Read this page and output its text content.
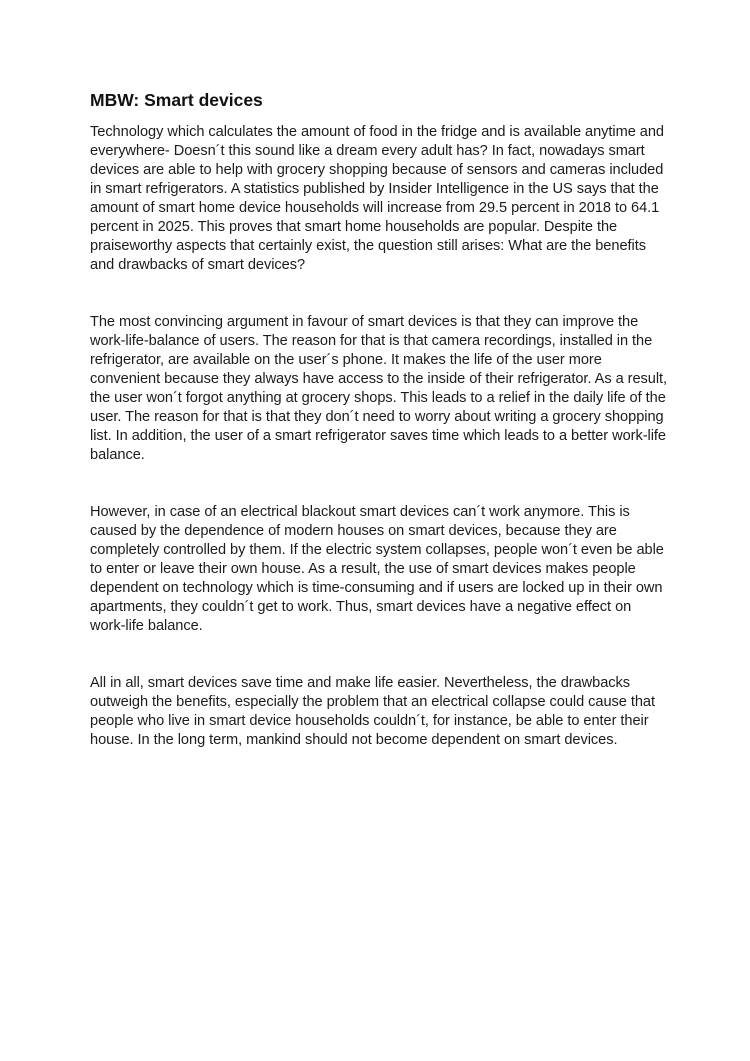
MBW: Smart devices

Technology which calculates the amount of food in the fridge and is available anytime and everywhere- Doesn´t this sound like a dream every adult has? In fact, nowadays smart devices are able to help with grocery shopping because of sensors and cameras included in smart refrigerators. A statistics published by Insider Intelligence in the US says that the amount of smart home device households will increase from 29.5 percent in 2018 to 64.1 percent in 2025. This proves that smart home households are popular. Despite the praiseworthy aspects that certainly exist, the question still arises: What are the benefits and drawbacks of smart devices?

The most convincing argument in favour of smart devices is that they can improve the work-life-balance of users. The reason for that is that camera recordings, installed in the refrigerator, are available on the user´s phone. It makes the life of the user more convenient because they always have access to the inside of their refrigerator. As a result, the user won´t forgot anything at grocery shops. This leads to a relief in the daily life of the user. The reason for that is that they don´t need to worry about writing a grocery shopping list. In addition, the user of a smart refrigerator saves time which leads to a better work-life balance.

However, in case of an electrical blackout smart devices can´t work anymore. This is caused by the dependence of modern houses on smart devices, because they are completely controlled by them. If the electric system collapses, people won´t even be able to enter or leave their own house. As a result, the use of smart devices makes people dependent on technology which is time-consuming and if users are locked up in their own apartments, they couldn´t get to work. Thus, smart devices have a negative effect on work-life balance.

All in all, smart devices save time and make life easier. Nevertheless, the drawbacks outweigh the benefits, especially the problem that an electrical collapse could cause that people who live in smart device households couldn´t, for instance, be able to enter their house. In the long term, mankind should not become dependent on smart devices.
